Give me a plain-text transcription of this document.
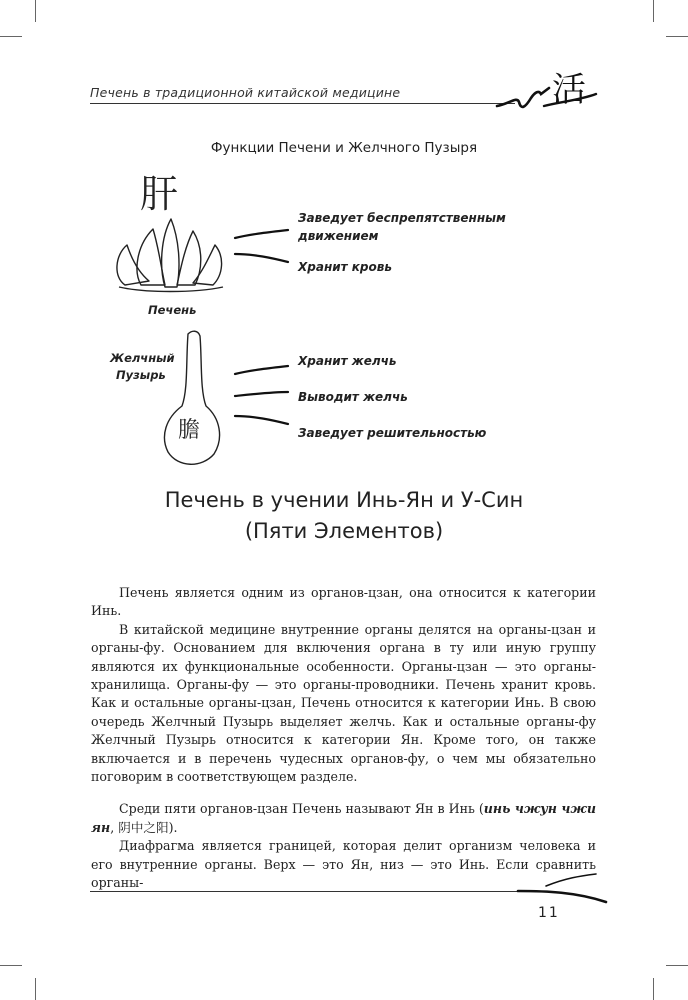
Печень в традиционной китайской медицине	活
Функции Печени и Желчного Пузыря
肝
Печень
Заведует беспрепятственным
движением
Хранит кровь
Желчный
Пузырь
膽
Хранит желчь
Выводит желчь
Заведует решительностью
Печень в учении Инь-Ян и У-Син
(Пяти Элементов)

Печень является одним из органов-цзан, она относится к категории Инь.

В китайской медицине внутренние органы делятся на органы-цзан и органы-фу. Основанием для включения органа в ту или иную группу являются их функциональные особенности. Органы-цзан — это органы-хранилища. Органы-фу — это органы-проводники. Печень хранит кровь. Как и остальные органы-цзан, Печень относится к категории Инь. В свою очередь Желчный Пузырь выделяет желчь. Как и остальные органы-фу Желчный Пузырь относится к категории Ян. Кроме того, он также включается и в перечень чудесных органов-фу, о чем мы обязательно поговорим в соответствующем разделе.

Среди пяти органов-цзан Печень называют Ян в Инь (инь чжун чжи ян, 阴中之阳).

Диафрагма является границей, которая делит организм человека и его внутренние органы. Верх — это Ян, низ — это Инь. Если сравнить органы-

11
